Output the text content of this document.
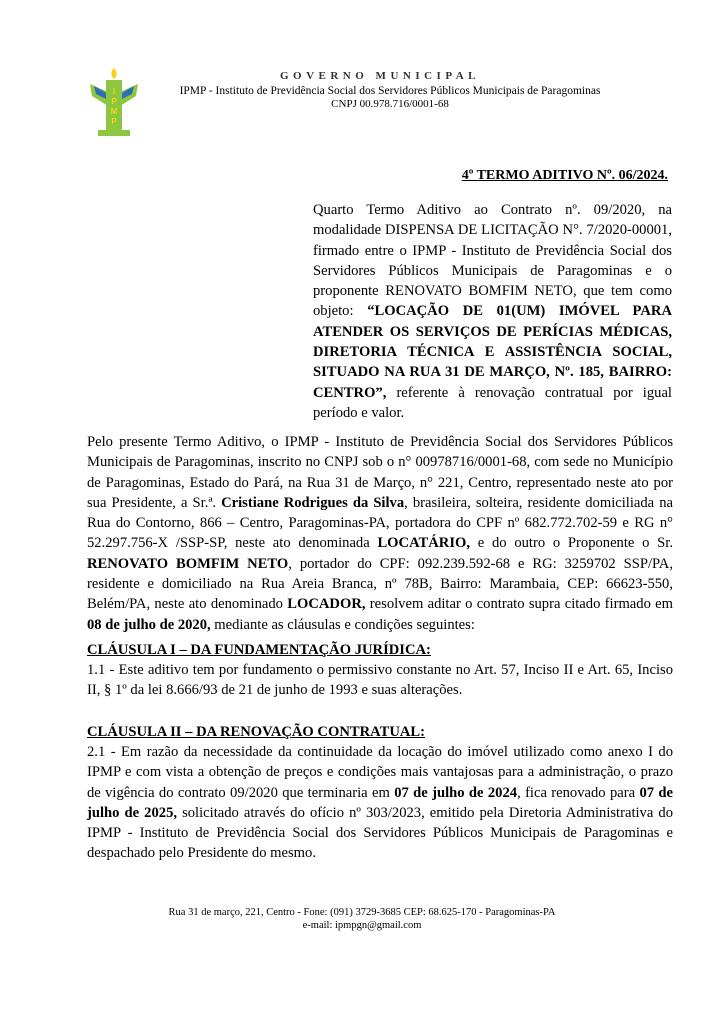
I
P
M
P
GOVERNO MUNICIPAL
IPMP - Instituto de Previdência Social dos Servidores Públicos Municipais de Paragominas
CNPJ 00.978.716/0001-68
4º TERMO ADITIVO Nº. 06/2024.
Quarto Termo Aditivo ao Contrato nº. 09/2020, na modalidade DISPENSA DE LICITAÇÃO N°. 7/2020-00001, firmado entre o IPMP - Instituto de Previdência Social dos Servidores Públicos Municipais de Paragominas e o proponente RENOVATO BOMFIM NETO, que tem como objeto: “LOCAÇÃO DE 01(UM) IMÓVEL PARA ATENDER OS SERVIÇOS DE PERÍCIAS MÉDICAS, DIRETORIA TÉCNICA E ASSISTÊNCIA SOCIAL, SITUADO NA RUA 31 DE MARÇO, Nº. 185, BAIRRO: CENTRO”, referente à renovação contratual por igual período e valor.
Pelo presente Termo Aditivo, o IPMP - Instituto de Previdência Social dos Servidores Públicos Municipais de Paragominas, inscrito no CNPJ sob o n° 00978716/0001-68, com sede no Município de Paragominas, Estado do Pará, na Rua 31 de Março, n° 221, Centro, representado neste ato por sua Presidente, a Sr.ª. Cristiane Rodrigues da Silva, brasileira, solteira, residente domiciliada na Rua do Contorno, 866 – Centro, Paragominas-PA, portadora do CPF nº 682.772.702-59 e RG n° 52.297.756-X /SSP-SP, neste ato denominada LOCATÁRIO, e do outro o Proponente o Sr. RENOVATO BOMFIM NETO, portador do CPF: 092.239.592-68 e RG: 3259702 SSP/PA, residente e domiciliado na Rua Areia Branca, nº 78B, Bairro: Marambaia, CEP: 66623-550, Belém/PA, neste ato denominado LOCADOR, resolvem aditar o contrato supra citado firmado em 08 de julho de 2020, mediante as cláusulas e condições seguintes:
CLÁUSULA I – DA FUNDAMENTAÇÃO JURÍDICA:
1.1 - Este aditivo tem por fundamento o permissivo constante no Art. 57, Inciso II e Art. 65, Inciso II, § 1º da lei 8.666/93 de 21 de junho de 1993 e suas alterações.
CLÁUSULA II – DA RENOVAÇÃO CONTRATUAL:
2.1 - Em razão da necessidade da continuidade da locação do imóvel utilizado como anexo I do IPMP e com vista a obtenção de preços e condições mais vantajosas para a administração, o prazo de vigência do contrato 09/2020 que terminaria em 07 de julho de 2024, fica renovado para 07 de julho de 2025, solicitado através do ofício nº 303/2023, emitido pela Diretoria Administrativa do IPMP - Instituto de Previdência Social dos Servidores Públicos Municipais de Paragominas e despachado pelo Presidente do mesmo.
Rua 31 de março, 221, Centro - Fone: (091) 3729-3685 CEP: 68.625-170 - Paragominas-PA
e-mail: ipmpgn@gmail.com
